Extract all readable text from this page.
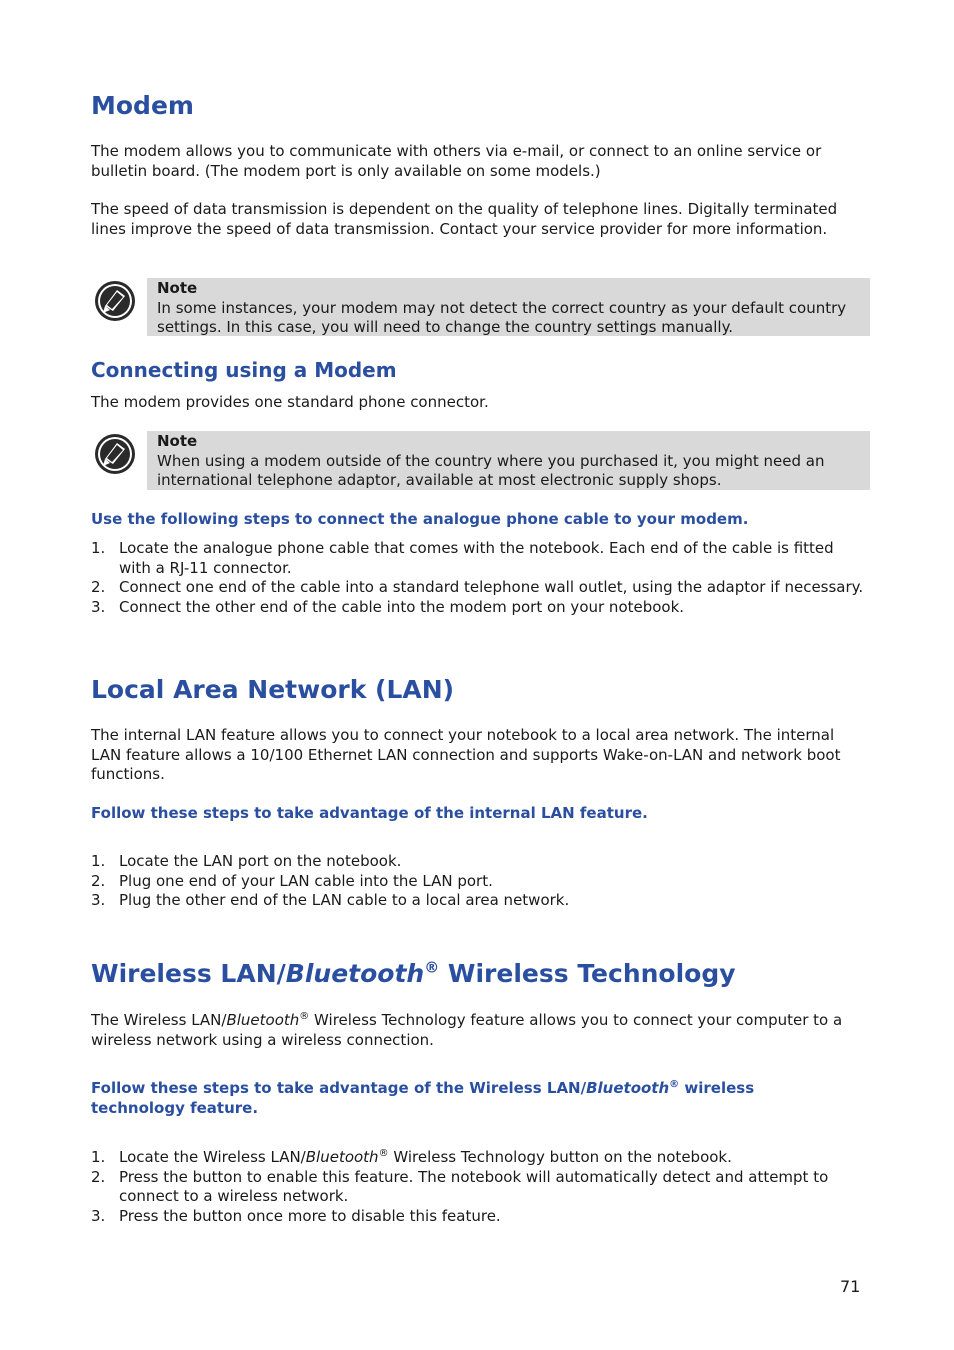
Modem

The modem allows you to communicate with others via e-mail, or connect to an online service or bulletin board. (The modem port is only available on some models.)

The speed of data transmission is dependent on the quality of telephone lines. Digitally terminated lines improve the speed of data transmission. Contact your service provider for more information.

Note
In some instances, your modem may not detect the correct country as your default country settings. In this case, you will need to change the country settings manually.
Connecting using a Modem

The modem provides one standard phone connector.

Note
When using a modem outside of the country where you purchased it, you might need an international telephone adaptor, available at most electronic supply shops.
Use the following steps to connect the analogue phone cable to your modem.
1. Locate the analogue phone cable that comes with the notebook. Each end of the cable is fitted with a RJ-11 connector.
2. Connect one end of the cable into a standard telephone wall outlet, using the adaptor if necessary.
3. Connect the other end of the cable into the modem port on your notebook.
Local Area Network (LAN)

The internal LAN feature allows you to connect your notebook to a local area network. The internal LAN feature allows a 10/100 Ethernet LAN connection and supports Wake-on-LAN and network boot functions.

Follow these steps to take advantage of the internal LAN feature.
1. Locate the LAN port on the notebook.
2. Plug one end of your LAN cable into the LAN port.
3. Plug the other end of the LAN cable to a local area network.
Wireless LAN/Bluetooth® Wireless Technology

The Wireless LAN/Bluetooth® Wireless Technology feature allows you to connect your computer to a wireless network using a wireless connection.

Follow these steps to take advantage of the Wireless LAN/Bluetooth® wireless technology feature.
1. Locate the Wireless LAN/Bluetooth® Wireless Technology button on the notebook.
2. Press the button to enable this feature. The notebook will automatically detect and attempt to connect to a wireless network.
3. Press the button once more to disable this feature.
71
